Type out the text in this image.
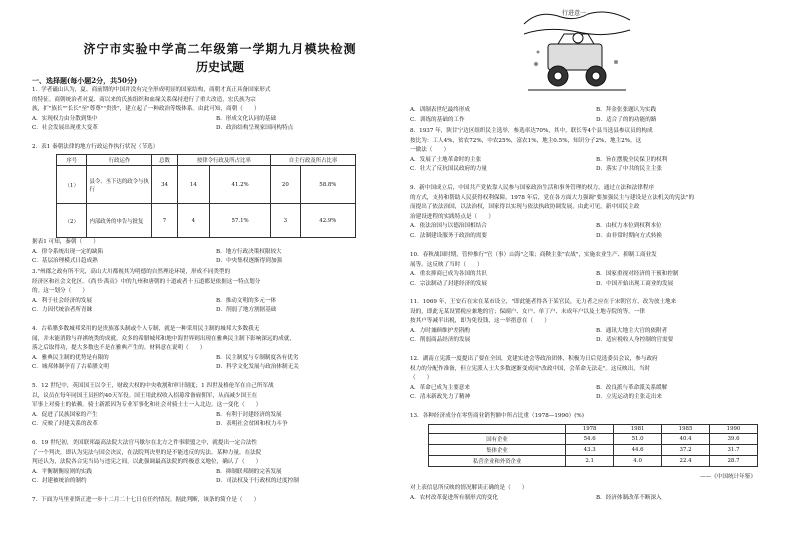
济宁市实验中学高二年级第一学期九月模块检测
历史试题
一、选择题(每小题2分，共50分)
1．学者磁山认为，夏、商前期的中国并没有完全形成明显的国家结构，商朝才真正具备国家形式
的特征。商朝统治者对夏、商以来的氏族组织和血缘关系保持进行了重大改造，宏氏族为宗
族，扩"族长""长长"至"尊尊""贵贵"，建立起了一种政治等级体系。由此可知，商朝（　　）
A．实现权力由分散到集中	B．形成文化认同的基础
C．社会发展出现重大变革	D．政治结构呈现家国同构特点
2．表1 秦朝法律的地方行政运作执行状况（节选）
序号	行政运作	总数	按律令行政及所占比率		自主行政及所占比率	
（1）	县令、丞下达的政令与执行	34	14	41.2%	20	58.8%
（2）	内部政务的申告与批复	7	4	57.1%	3	42.9%
据表1 可知，秦朝（　　）
A．律令系统出现一定的缺陷	B．地方行政决策权限较大
C．基层治理模式日趋成熟	D．中央集权逐渐得到加强
3."州郡之政有所不究，高山大川都视其为明德的自然理论环境，形成不同类型的
经济区和社会文化区。《尚书·禹贡》中的九州和唐朝的十道或者十五道都是依据这一特点划分
的。这一划分（　　）
A．利于社会经济的发展	B．推动文明的多元一体
C．力因代统治者所青睐	D．削弱了地方割据基础
4．古希腊多数城邦采用的是贵族寡头制或个人专制，就是一种采用民主制的城邦大多数我无
闻，并未能消除与祥祺统类的成就。众多的希腊城邦和地中海世界则出现在雅典民主制下影响深远的成就，
落之后取得功，提大多数也不是在雅典产生的。材料意在说明（　　）
A．雅典民主制的优势是有限的	B．民主制度与专制制度各有优劣
C．城邦体制孕育了古希腊文明	D．科学文化发展与政治体制无关
5．12 世纪中，英国国王以令王，财政大权的中央收割和审计制度；1 四世及格伦军在自己所军战
以，议员在每年同国王员担约40天军役。国王用此权收入招募常备雇佣军，从而减少国王在
军事上对骑士的依赖。骑士新派因为专业军事化和社会对骑士士一入北边。这一变化（　　）
A．促进了民族国家的产生	B．有利于封建经济的发展
C．反映了封建关系的改革	D．表明社会贫困和权力斗争
6．19 世纪初，美国联邦最高法院大法官马歇尔在北方之件事联盟之中，就提出一定合法性
了一个判决，即认为宪法与国会决议，在法院判决里的是不能违反的宪法。某种力量，在法院
判还认为，法院各合宪当局与违宪之间，以此强调最高法院的终极意义地位，确认了（　　）
A．平衡制衡原则的实践	B．抑制联邦制的完善发展
C．封建被统治的制约	D．司法权及于行政权的过度控制
7．下面为马里亚斯正进一步十二月二十七日在任约情况。据此判断，该条的简介是（　　）
行进意一
A．训制表世纪最终形成	B．拜金张张题认为实践
C．训练的基础的工作	D．适合了的的功能的路
8．1937 年，陕甘宁边区组织民主选举，参选率达70%，其中，联长等4个县当选县参议员的构成
按比为：工人4%，贫农72%，中农25%，富农1%，地主0.5%，知识分子2%，地主2%。这
一做法（　　）
A．发展了土地革命时的主张	B．旨在摆脱全民保卫的权利
C．壮大了反抗国民政府的力量	D．落实了中共的民主主张
9．新中国成立后，中国共产党依靠人民参与国家政治生活和事务管理的权力，通过立法和法律程序
的方式，支持和帮助人民获得权利保障，1978 年后，党在各方面大力强调"要加强民主与建设是立法机关的宪法"的
而提出了依法治国，以法治权，国家得以实现与依法执政协调发展，由此可见，新中国民主政
治建设进程的实践特点是（　　）
A．依法治国与以德治国相结合	B．由权力本位到权利本位
C．法制建设服务于政治的需要	D．由非常时期向方式转换
10．春秋战国时期，管仲推行"官（事）山海"之策；商鞅主张"农战"，实施农业生产、抑制工商业发
展等。这反映了当时（　　）
A．重农抑商已成为各国的共识	B．国家重视对经济的干预和控制
C．宗法制动了封建经济的发展	D．中国开始出现工商业的发展
11．1069 年，王安石在宋在某市设立，"即此能者得各于某官民，无力者之应在于宋朝官方，改为放土地来
设的，即此无某设置税应兼地的官；保副户、女户、单丁户、未成年户以及土地寺院的等，一律
按其户等减半出税，即为免役钱，这一举措意在（　　）
A．力时兼顾维护差斟酌	B．通讯大地主大官的依附者
C．削弱商品经济的发展	D．适应税收人身控制的官需要
12．湖南立宪派一度提出了要在全国，党建实进会等政治团体，积极为日后党选委员会议，参与政府
权力的分配作准备，但立宪派人士大多数逐渐变成同"改政中国，会革命无法走"。这反映出，当时
（　　）
A．革命已成为主要意来	B．改良派与革命派关系缓解
C．清末新政先力了精神	D．立宪运动的主张走出来
13．各种经济成分在零售商业销售额中所占比重（1978—1990）(%)
	1978	1981	1985	1990
国有企业	54.6	51.0	40.4	39.6
集体企业	43.3	44.6	37.2	31.7
私营企业和外资企业	2.1	4.0	22.4	28.7
——《中国统计年鉴》
对上表信息所反映的情况解读正确的是（　　）
A．农村改革促进所有制形式的变化	B．经济体制改革不断深入
